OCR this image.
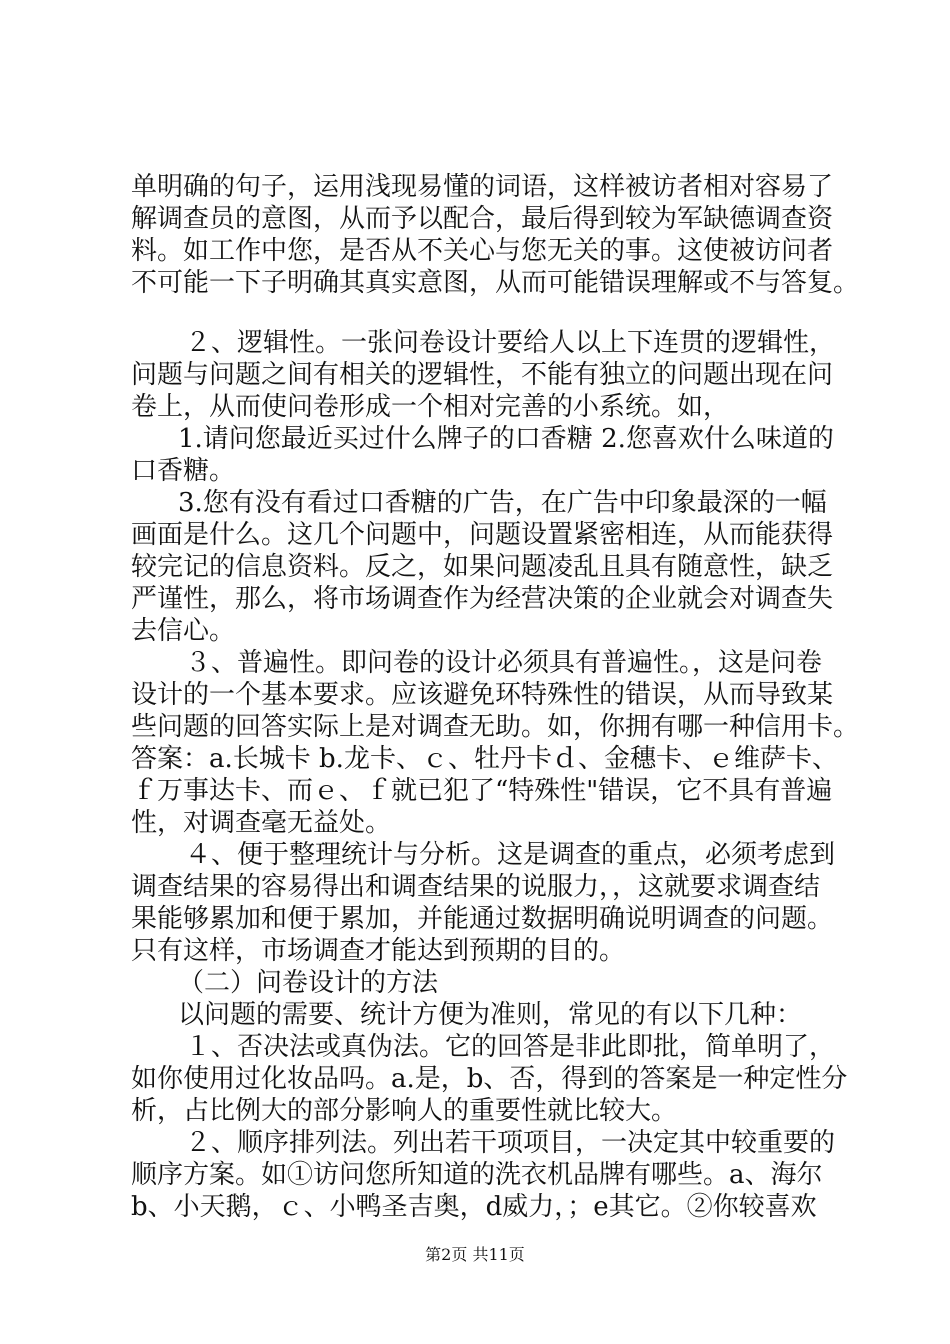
单明确的句子，运用浅现易懂的词语，这样被访者相对容易了
解调查员的意图，从而予以配合，最后得到较为军缺德调查资
料。如工作中您，是否从不关心与您无关的事。这使被访问者
不可能一下子明确其真实意图，从而可能错误理解或不与答复。
２、逻辑性。一张问卷设计要给人以上下连贯的逻辑性，
问题与问题之间有相关的逻辑性，不能有独立的问题出现在问
卷上，从而使问卷形成一个相对完善的小系统。如，
1.请问您最近买过什么牌子的口香糖 2.您喜欢什么味道的
口香糖。
3.您有没有看过口香糖的广告，在广告中印象最深的一幅
画面是什么。这几个问题中，问题设置紧密相连，从而能获得
较完记的信息资料。反之，如果问题凌乱且具有随意性，缺乏
严谨性，那么，将市场调查作为经营决策的企业就会对调查失
去信心。
３、普遍性。即问卷的设计必须具有普遍性。，这是问卷
设计的一个基本要求。应该避免环特殊性的错误，从而导致某
些问题的回答实际上是对调查无助。如，你拥有哪一种信用卡。
答案：a.长城卡 b.龙卡、ｃ、牡丹卡ｄ、金穗卡、ｅ维萨卡、
ｆ万事达卡、而ｅ、ｆ就已犯了“特殊性"错误，它不具有普遍
性，对调查毫无益处。
４、便于整理统计与分析。这是调查的重点，必须考虑到
调查结果的容易得出和调查结果的说服力，，这就要求调查结
果能够累加和便于累加，并能通过数据明确说明调查的问题。
只有这样，市场调查才能达到预期的目的。
（二）问卷设计的方法
以问题的需要、统计方便为准则，常见的有以下几种：
１、否决法或真伪法。它的回答是非此即批，简单明了，
如你使用过化妆品吗。a.是，b、否，得到的答案是一种定性分
析，占比例大的部分影响人的重要性就比较大。
２、顺序排列法。列出若干项项目，一决定其中较重要的
顺序方案。如①访问您所知道的洗衣机品牌有哪些。a、海尔
b、小天鹅，ｃ、小鸭圣吉奥，d威力，；e其它。②你较喜欢
第2页 共11页
